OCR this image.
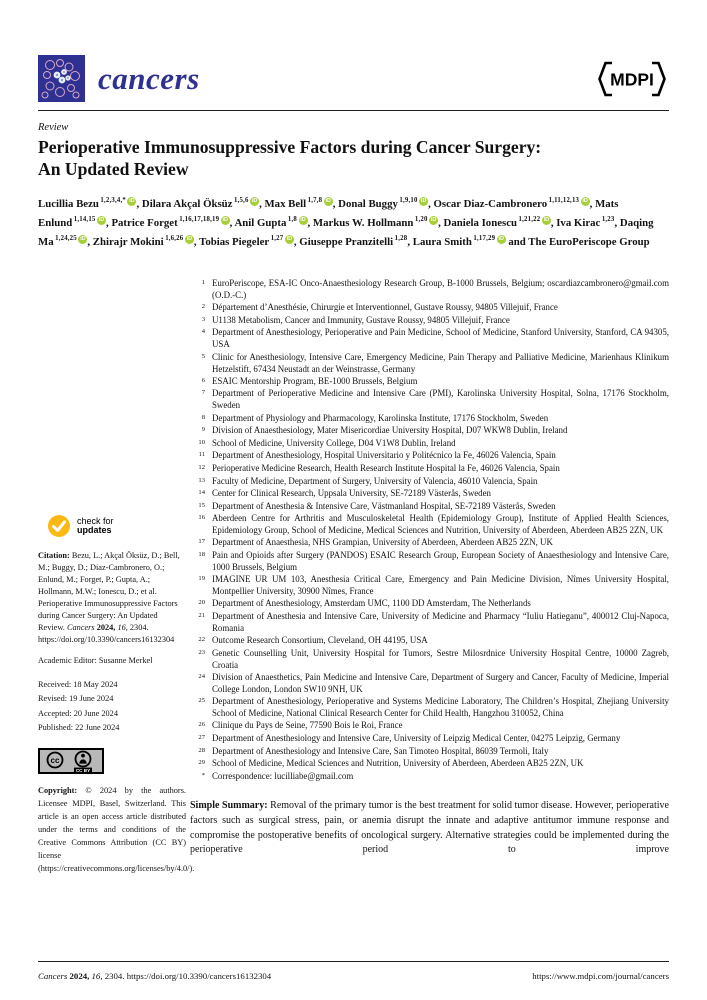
cancers	MDPI
Review
Perioperative Immunosuppressive Factors during Cancer Surgery: An Updated Review
Lucillia Bezu $^{1,2,3,4,*}$ iD , Dilara Akçal Öksüz $^{1,5,6}$ iD , Max Bell $^{1,7,8}$ iD , Donal Buggy $^{1,9,10}$ iD , Oscar Diaz-Cambronero $^{1,11,12,13}$ iD , Mats Enlund $^{1,14,15}$ iD , Patrice Forget $^{1,16,17,18,19}$ iD , Anil Gupta $^{1,8}$ iD , Markus W. Hollmann $^{1,20}$ iD , Daniela Ionescu $^{1,21,22}$ iD , Iva Kirac $^{1,23}$, Daqing Ma $^{1,24,25}$ iD , Zhirajr Mokini $^{1,6,26}$ iD , Tobias Piegeler $^{1,27}$ iD , Giuseppe Pranzitelli $^{1,28}$, Laura Smith $^{1,17,29}$ iD and The EuroPeriscope Group
check for
updates

Citation: Bezu, L.; Akçal Öksüz, D.; Bell, M.; Buggy, D.; Diaz-Cambronero, O.; Enlund, M.; Forget, P.; Gupta, A.; Hollmann, M.W.; Ionescu, D.; et al. Perioperative Immunosuppressive Factors during Cancer Surgery: An Updated Review. Cancers 2024, 16, 2304. https://doi.org/10.3390/cancers16132304

Academic Editor: Susanne Merkel

Received: 18 May 2024
Revised: 19 June 2024
Accepted: 20 June 2024
Published: 22 June 2024
cc
CC BY

Copyright: © 2024 by the authors. Licensee MDPI, Basel, Switzerland. This article is an open access article distributed under the terms and conditions of the Creative Commons Attribution (CC BY) license (https://creativecommons.org/licenses/by/4.0/).

1 EuroPeriscope, ESA-IC Onco-Anaesthesiology Research Group, B-1000 Brussels, Belgium; oscardiazcambronero@gmail.com (O.D.-C.)
2 Département d’Anesthésie, Chirurgie et Interventionnel, Gustave Roussy, 94805 Villejuif, France
3 U1138 Metabolism, Cancer and Immunity, Gustave Roussy, 94805 Villejuif, France
4 Department of Anesthesiology, Perioperative and Pain Medicine, School of Medicine, Stanford University, Stanford, CA 94305, USA
5 Clinic for Anesthesiology, Intensive Care, Emergency Medicine, Pain Therapy and Palliative Medicine, Marienhaus Klinikum Hetzelstift, 67434 Neustadt an der Weinstrasse, Germany
6 ESAIC Mentorship Program, BE-1000 Brussels, Belgium
7 Department of Perioperative Medicine and Intensive Care (PMI), Karolinska University Hospital, Solna, 17176 Stockholm, Sweden
8 Department of Physiology and Pharmacology, Karolinska Institute, 17176 Stockholm, Sweden
9 Division of Anaesthesiology, Mater Misericordiae University Hospital, D07 WKW8 Dublin, Ireland
10 School of Medicine, University College, D04 V1W8 Dublin, Ireland
11 Department of Anesthesiology, Hospital Universitario y Politécnico la Fe, 46026 Valencia, Spain
12 Perioperative Medicine Research, Health Research Institute Hospital la Fe, 46026 Valencia, Spain
13 Faculty of Medicine, Department of Surgery, University of Valencia, 46010 Valencia, Spain
14 Center for Clinical Research, Uppsala University, SE-72189 Västerås, Sweden
15 Department of Anesthesia & Intensive Care, Västmanland Hospital, SE-72189 Västerås, Sweden
16 Aberdeen Centre for Arthritis and Musculoskeletal Health (Epidemiology Group), Institute of Applied Health Sciences, Epidemiology Group, School of Medicine, Medical Sciences and Nutrition, University of Aberdeen, Aberdeen AB25 2ZN, UK
17 Department of Anaesthesia, NHS Grampian, University of Aberdeen, Aberdeen AB25 2ZN, UK
18 Pain and Opioids after Surgery (PANDOS) ESAIC Research Group, European Society of Anaesthesiology and Intensive Care, 1000 Brussels, Belgium
19 IMAGINE UR UM 103, Anesthesia Critical Care, Emergency and Pain Medicine Division, Nîmes University Hospital, Montpellier University, 30900 Nîmes, France
20 Department of Anesthesiology, Amsterdam UMC, 1100 DD Amsterdam, The Netherlands
21 Department of Anesthesia and Intensive Care, University of Medicine and Pharmacy “Iuliu Hatieganu”, 400012 Cluj-Napoca, Romania
22 Outcome Research Consortium, Cleveland, OH 44195, USA
23 Genetic Counselling Unit, University Hospital for Tumors, Sestre Milosrdnice University Hospital Centre, 10000 Zagreb, Croatia
24 Division of Anaesthetics, Pain Medicine and Intensive Care, Department of Surgery and Cancer, Faculty of Medicine, Imperial College London, London SW10 9NH, UK
25 Department of Anesthesiology, Perioperative and Systems Medicine Laboratory, The Children’s Hospital, Zhejiang University School of Medicine, National Clinical Research Center for Child Health, Hangzhou 310052, China
26 Clinique du Pays de Seine, 77590 Bois le Roi, France
27 Department of Anesthesiology and Intensive Care, University of Leipzig Medical Center, 04275 Leipzig, Germany
28 Department of Anesthesiology and Intensive Care, San Timoteo Hospital, 86039 Termoli, Italy
29 School of Medicine, Medical Sciences and Nutrition, University of Aberdeen, Aberdeen AB25 2ZN, UK
* Correspondence: lucilliabe@gmail.com

Simple Summary: Removal of the primary tumor is the best treatment for solid tumor disease. However, perioperative factors such as surgical stress, pain, or anemia disrupt the innate and adaptive antitumor immune response and compromise the postoperative benefits of oncological surgery. Alternative strategies could be implemented during the perioperative period to improve

Cancers 2024, 16, 2304. https://doi.org/10.3390/cancers16132304	https://www.mdpi.com/journal/cancers
